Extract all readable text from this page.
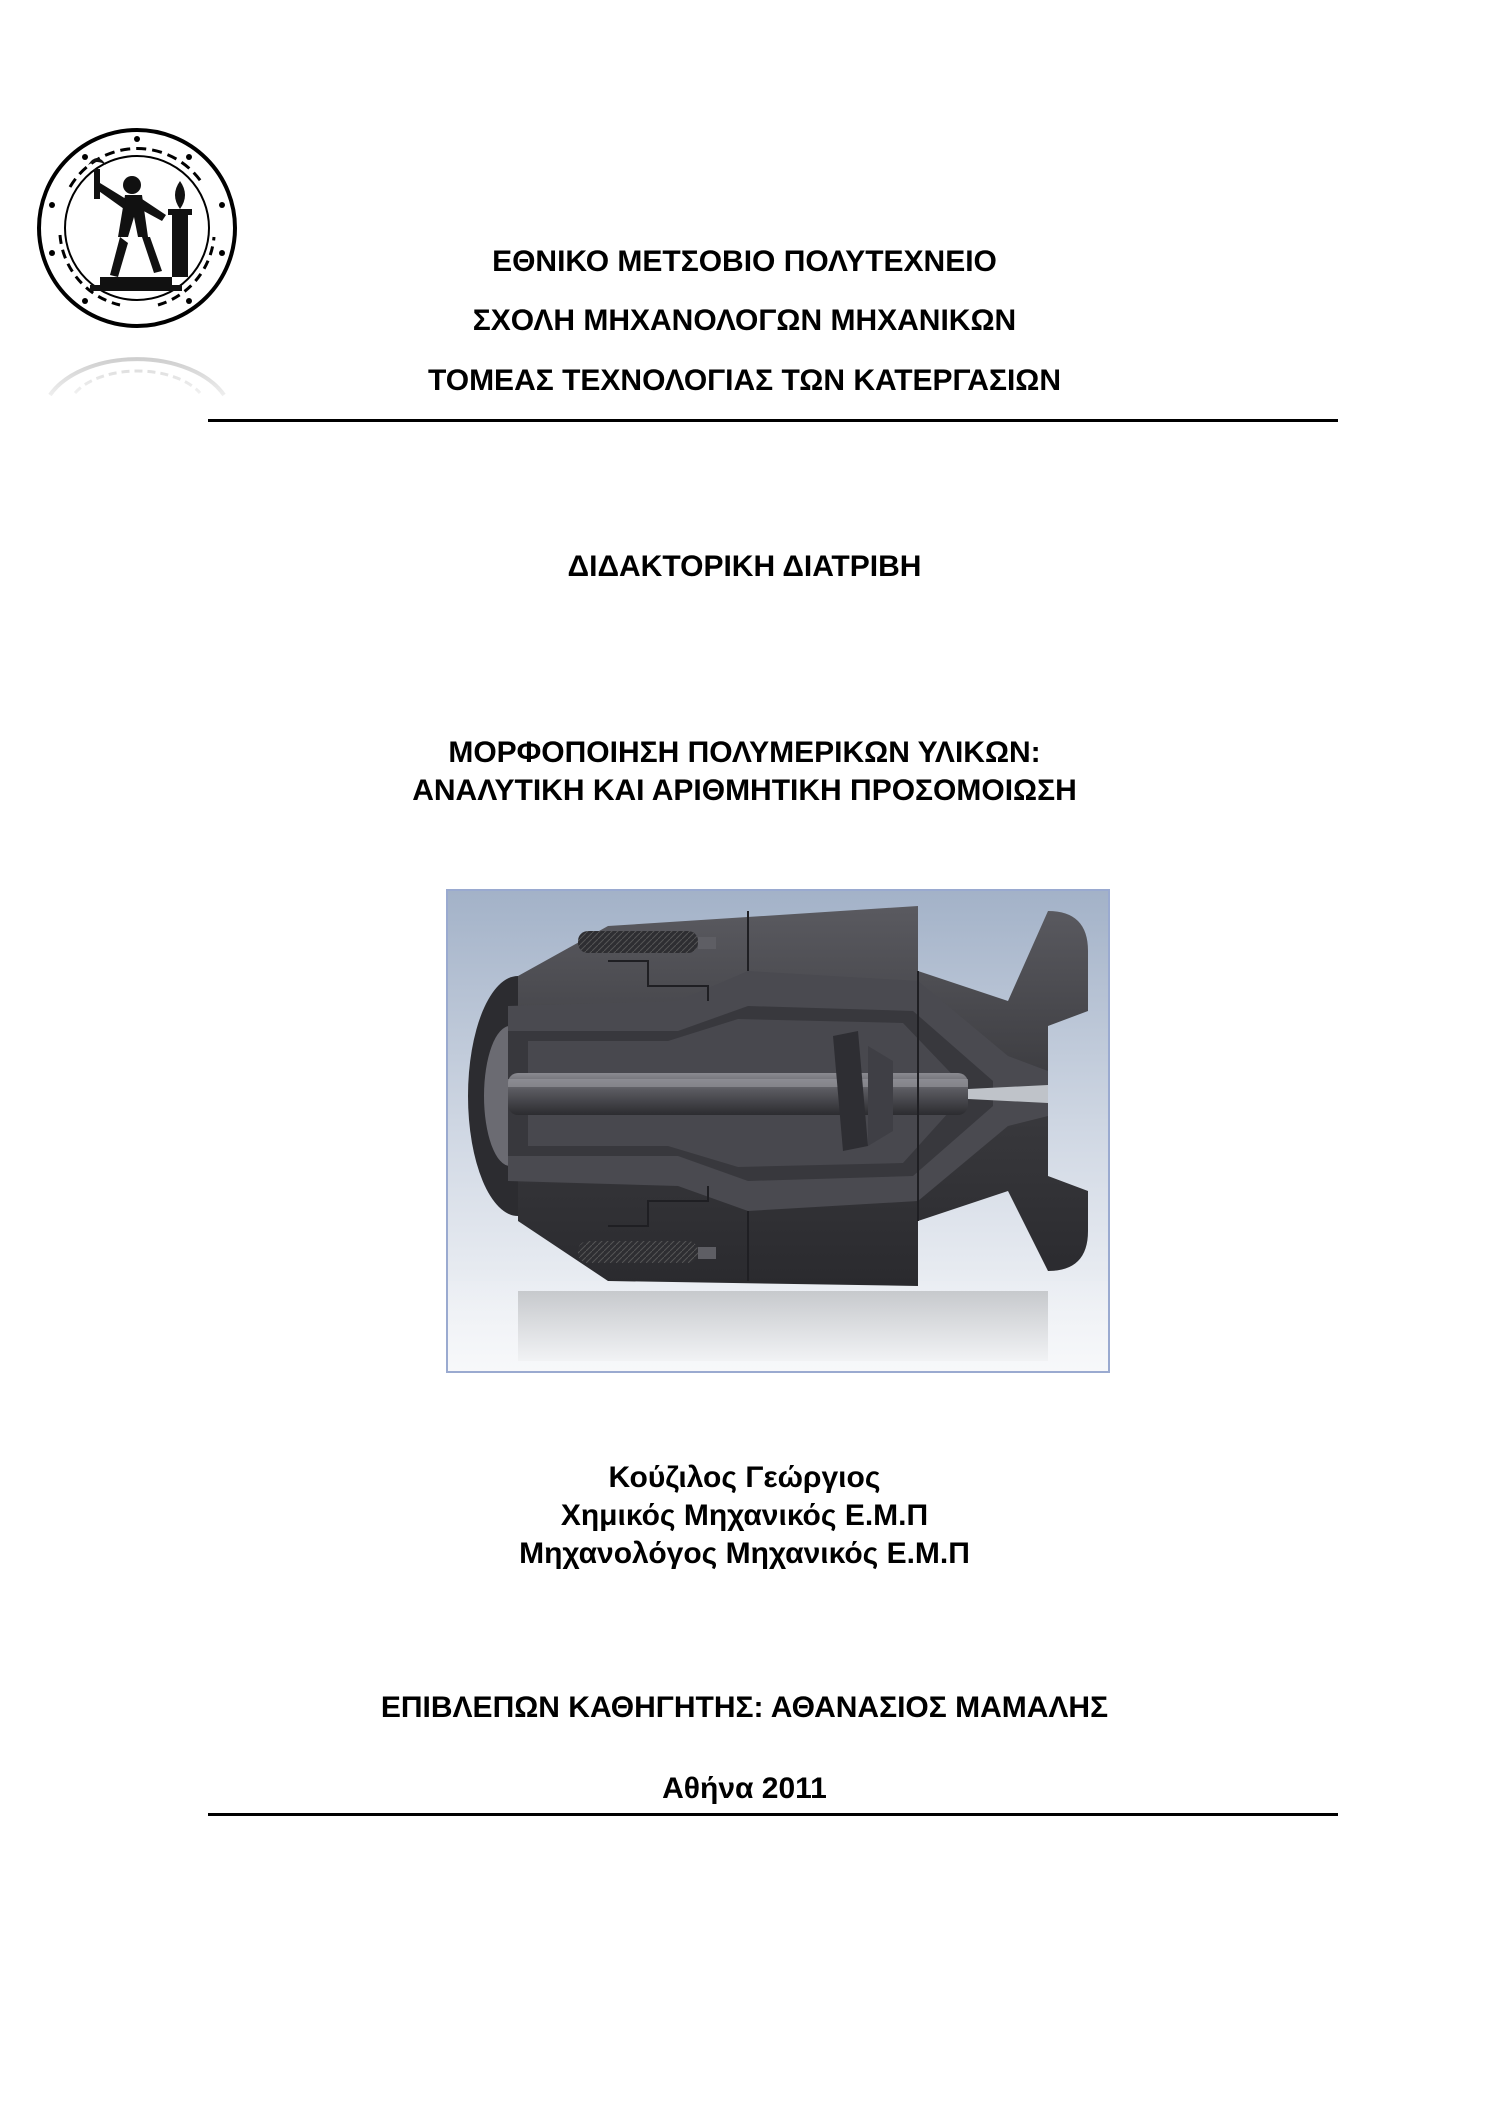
ΕΘΝΙΚΟ ΜΕΤΣΟΒΙΟ ΠΟΛΥΤΕΧΝΕΙΟ
ΣΧΟΛΗ ΜΗΧΑΝΟΛΟΓΩΝ ΜΗΧΑΝΙΚΩΝ
ΤΟΜΕΑΣ ΤΕΧΝΟΛΟΓΙΑΣ ΤΩΝ ΚΑΤΕΡΓΑΣΙΩΝ
ΔΙΔΑΚΤΟΡΙΚΗ ΔΙΑΤΡΙΒΗ
ΜΟΡΦΟΠΟΙΗΣΗ ΠΟΛΥΜΕΡΙΚΩΝ ΥΛΙΚΩΝ:
ΑΝΑΛΥΤΙΚΗ ΚΑΙ ΑΡΙΘΜΗΤΙΚΗ ΠΡΟΣΟΜΟΙΩΣΗ
Κούζιλος Γεώργιος
Χημικός Μηχανικός Ε.Μ.Π
Μηχανολόγος Μηχανικός Ε.Μ.Π
ΕΠΙΒΛΕΠΩΝ ΚΑΘΗΓΗΤΗΣ: ΑΘΑΝΑΣΙΟΣ ΜΑΜΑΛΗΣ
Αθήνα 2011
